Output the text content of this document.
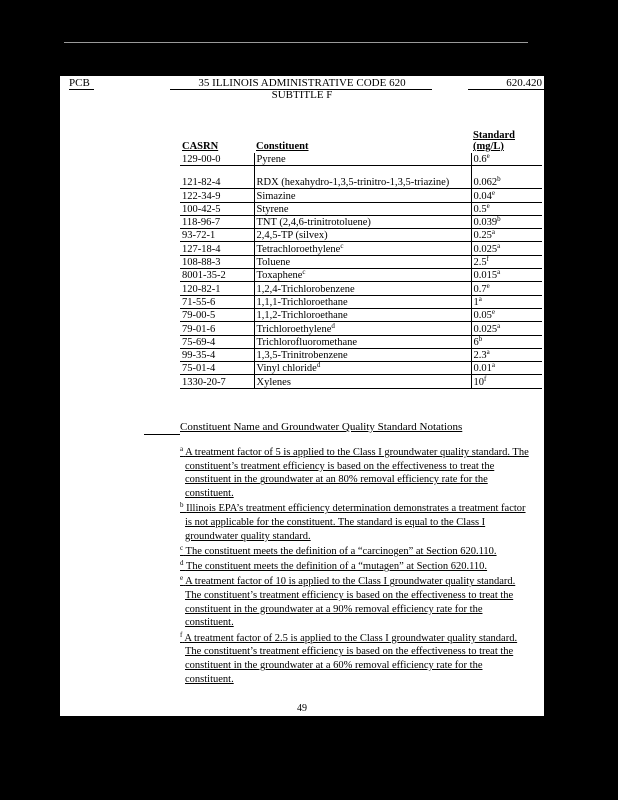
PCB	35 ILLINOIS ADMINISTRATIVE CODE 620	620.420
SUBTITLE F
CASRN	Constituent	Standard (mg/L)
129-00-0	Pyrene	0.6e
121-82-4	RDX (hexahydro-1,3,5-trinitro-1,3,5-triazine)	0.062$^b$
122-34-9	Simazine	0.04e
100-42-5	Styrene	0.5e
118-96-7	TNT (2,4,6-trinitrotoluene)	0.039$^b$
93-72-1	2,4,5-TP (silvex)	0.25$^a$
127-18-4	Tetrachloroethylene$^c$	0.025$^a$
108-88-3	Toluene	2.5$^f$
8001-35-2	Toxaphene$^c$	0.015$^a$
120-82-1	1,2,4-Trichlorobenzene	0.7e
71-55-6	1,1,1-Trichloroethane	1$^a$
79-00-5	1,1,2-Trichloroethane	0.05e
79-01-6	Trichloroethylene$^d$	0.025$^a$
75-69-4	Trichlorofluoromethane	6$^b$
99-35-4	1,3,5-Trinitrobenzene	2.3$^a$
75-01-4	Vinyl chloride$^d$	0.01$^a$
1330-20-7	Xylenes	10$^f$
Constituent Name and Groundwater Quality Standard Notations
$^a$ A treatment factor of 5 is applied to the Class I groundwater quality standard. The constituent’s treatment efficiency is based on the effectiveness to treat the constituent in the groundwater at an 80% removal efficiency rate for the constituent.
$^b$ Illinois EPA’s treatment efficiency determination demonstrates a treatment factor is not applicable for the constituent. The standard is equal to the Class I groundwater quality standard.
$^c$ The constituent meets the definition of a “carcinogen” at Section 620.110.
$^d$ The constituent meets the definition of a “mutagen” at Section 620.110.
$^e$ A treatment factor of 10 is applied to the Class I groundwater quality standard. The constituent’s treatment efficiency is based on the effectiveness to treat the constituent in the groundwater at a 90% removal efficiency rate for the constituent.
$^f$ A treatment factor of 2.5 is applied to the Class I groundwater quality standard. The constituent’s treatment efficiency is based on the effectiveness to treat the constituent in the groundwater at a 60% removal efficiency rate for the constituent.
49
